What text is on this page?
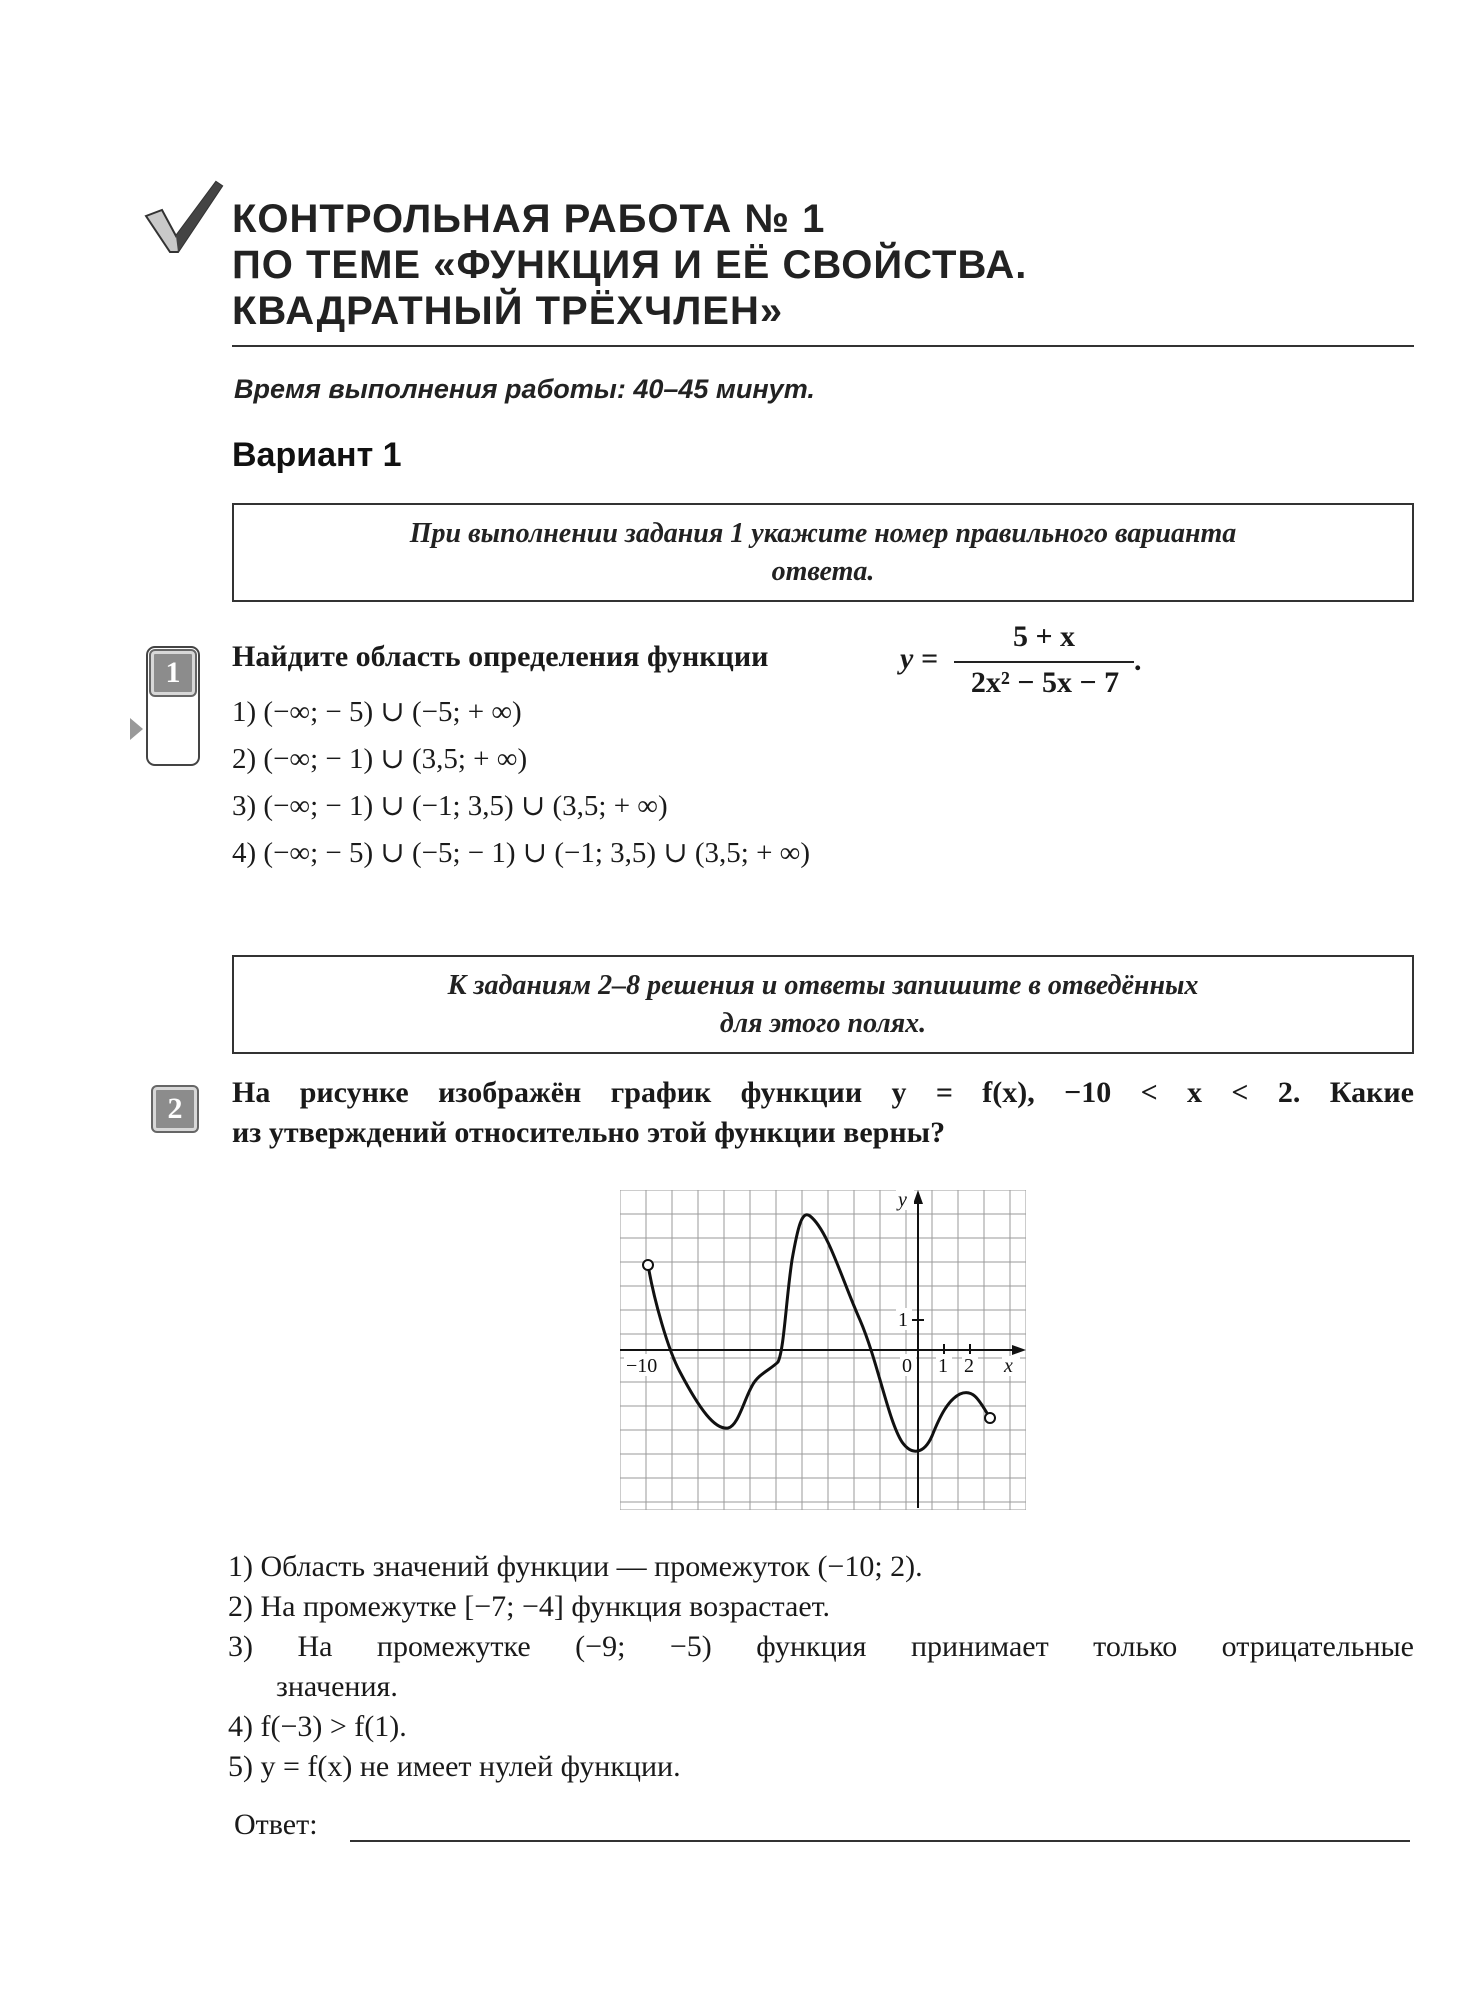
КОНТРОЛЬНАЯ РАБОТА № 1
ПО ТЕМЕ «ФУНКЦИЯ И ЕЁ СВОЙСТВА.
КВАДРАТНЫЙ ТРЁХЧЛЕН»
Время выполнения работы: 40–45 минут.
Вариант 1
При выполнении задания 1 укажите номер правильного варианта
ответа.
1	Найдите область определения функции	y =
5 + x
2x² − 5x − 7
.
1) (−∞; − 5) ∪ (−5; + ∞)
2) (−∞; − 1) ∪ (3,5; + ∞)
3) (−∞; − 1) ∪ (−1; 3,5) ∪ (3,5; + ∞)
4) (−∞; − 5) ∪ (−5; − 1) ∪ (−1; 3,5) ∪ (3,5; + ∞)
К заданиям 2–8 решения и ответы запишите в отведённых
для этого полях.
2	На рисунке изображён график функции y = f(x), −10 < x < 2. Какие
из утверждений относительно этой функции верны?
y
x
1
−10	0 1 2
1) Область значений функции — промежуток (−10; 2).
2) На промежутке [−7; −4] функция возрастает.
3) На промежутке (−9; −5) функция принимает только отрицательные
значения.
4) f(−3) > f(1).
5) y = f(x) не имеет нулей функции.
Ответ:
